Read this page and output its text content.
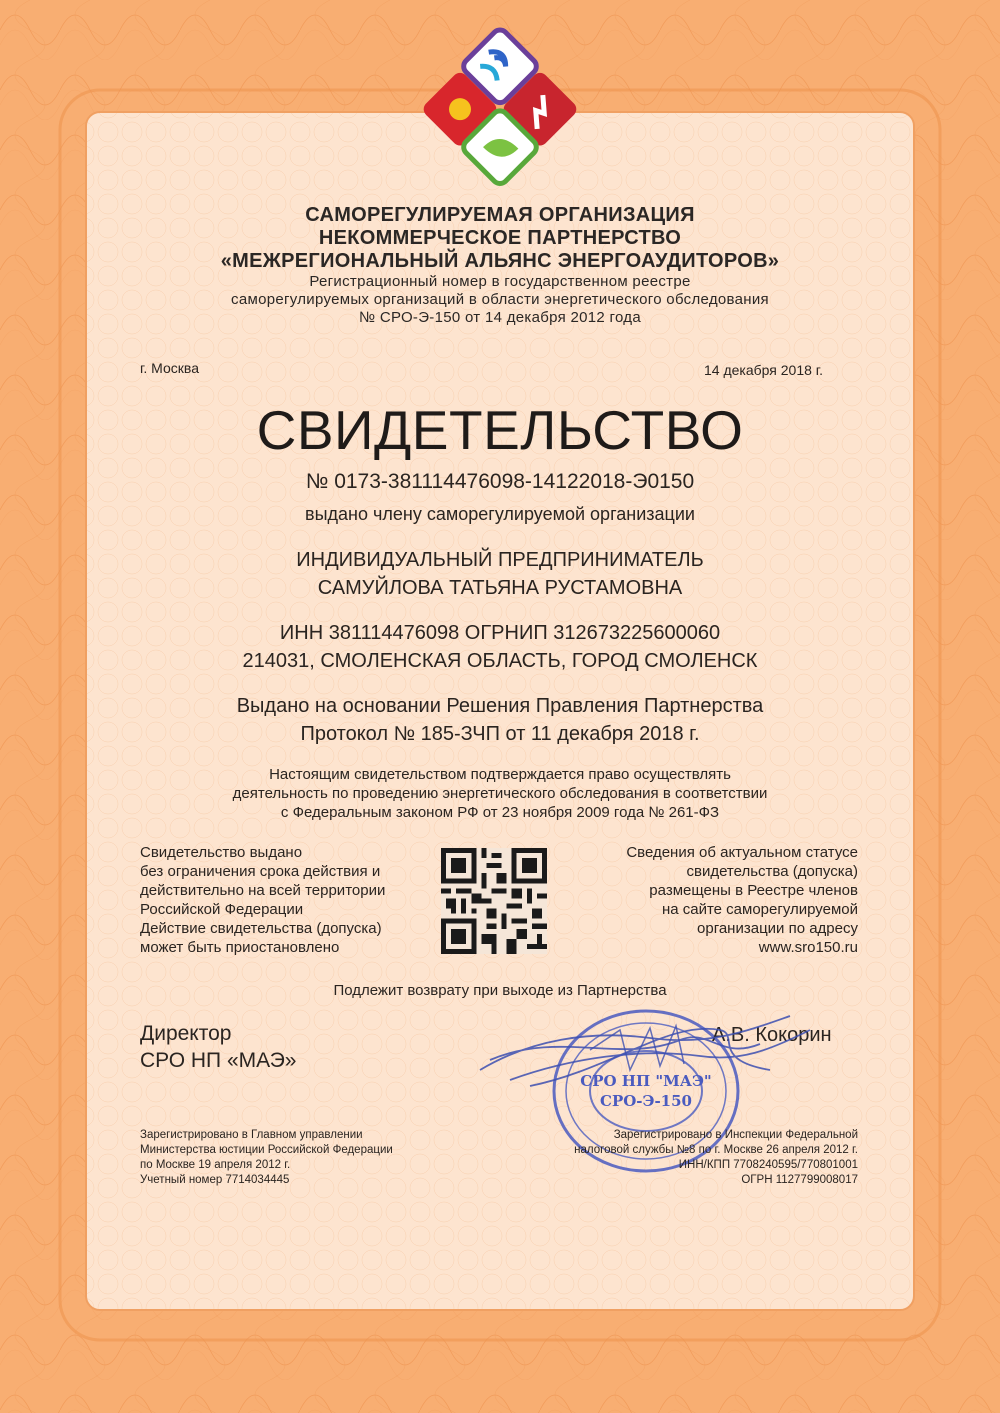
САМОРЕГУЛИРУЕМАЯ ОРГАНИЗАЦИЯ
НЕКОММЕРЧЕСКОЕ ПАРТНЕРСТВО
«МЕЖРЕГИОНАЛЬНЫЙ АЛЬЯНС ЭНЕРГОАУДИТОРОВ»
Регистрационный номер в государственном реестре
саморегулируемых организаций в области энергетического обследования
№ СРО-Э-150 от 14 декабря 2012 года
г. Москва	14 декабря 2018 г.
СВИДЕТЕЛЬСТВО
№ 0173-381114476098-14122018-Э0150
выдано члену саморегулируемой организации
ИНДИВИДУАЛЬНЫЙ ПРЕДПРИНИМАТЕЛЬ
САМУЙЛОВА ТАТЬЯНА РУСТАМОВНА
ИНН 381114476098 ОГРНИП 312673225600060
214031, СМОЛЕНСКАЯ ОБЛАСТЬ, ГОРОД СМОЛЕНСК
Выдано на основании Решения Правления Партнерства
Протокол № 185-ЗЧП от 11 декабря 2018 г.
Настоящим свидетельством подтверждается право осуществлять
деятельность по проведению энергетического обследования в соответствии
с Федеральным законом РФ от 23 ноября 2009 года № 261-ФЗ
Свидетельство выдано
без ограничения срока действия и
действительно на всей территории
Российской Федерации
Действие свидетельства (допуска)
может быть приостановлено
Сведения об актуальном статусе
свидетельства (допуска)
размещены в Реестре членов
на сайте саморегулируемой
организации по адресу
www.sro150.ru
Подлежит возврату при выходе из Партнерства
Директор
СРО НП «МАЭ»
СРО НП "МАЭ"
СРО-Э-150
А.В. Кокорин
Зарегистрировано в Главном управлении
Министерства юстиции Российской Федерации
по Москве 19 апреля 2012 г.
Учетный номер 7714034445
Зарегистрировано в Инспекции Федеральной
налоговой службы №8 по г. Москве 26 апреля 2012 г.
ИНН/КПП 7708240595/770801001
ОГРН 1127799008017
